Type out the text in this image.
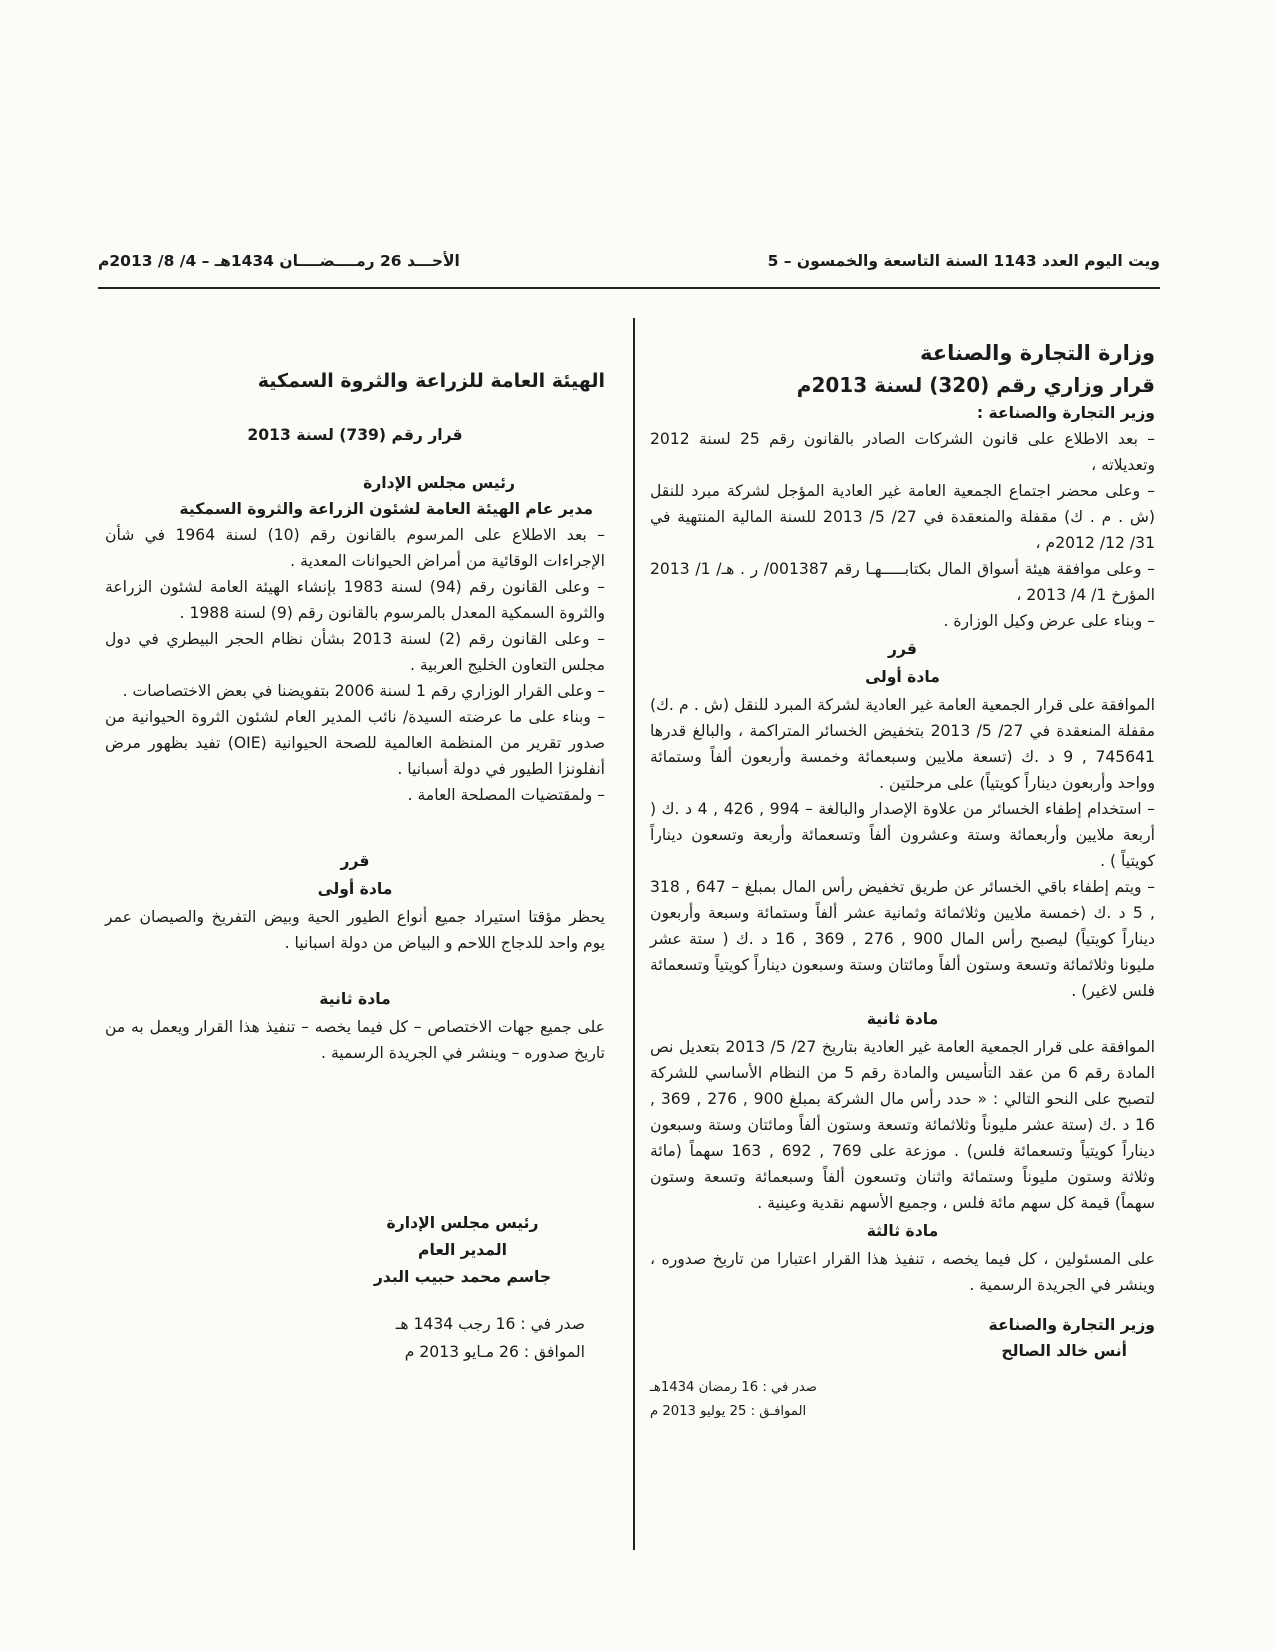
ويت اليوم العدد 1143 السنة التاسعة والخمسون – 5
الأحـــد 26 رمــــضــــان 1434هـ – 4/ 8/ 2013م

وزارة التجارة والصناعة

قرار وزاري رقم (320) لسنة 2013م

وزير التجارة والصناعة :

– بعد الاطلاع على قانون الشركات الصادر بالقانون رقم 25 لسنة 2012 وتعديلاته ،

– وعلى محضر اجتماع الجمعية العامة غير العادية المؤجل لشركة مبرد للنقل (ش . م . ك) مقفلة والمنعقدة في 27/ 5/ 2013 للسنة المالية المنتهية في 31/ 12/ 2012م ،

– وعلى موافقة هيئة أسواق المال بكتابـــــهـا رقم 001387/ ر . هـ/ 1/ 2013 المؤرخ 1/ 4/ 2013 ،

– وبناء على عرض وكيل الوزارة .

قرر

مادة أولى

الموافقة على قرار الجمعية العامة غير العادية لشركة المبرد للنقل (ش . م .ك) مقفلة المنعقدة في 27/ 5/ 2013 بتخفيض الخسائر المتراكمة ، والبالغ قدرها 745641 , 9 د .ك (تسعة ملايين وسبعمائة وخمسة وأربعون ألفاً وستمائة وواحد وأربعون ديناراً كويتياً) على مرحلتين .

– استخدام إطفاء الخسائر من علاوة الإصدار والبالغة – 994 , 426 , 4 د .ك ( أربعة ملايين وأربعمائة وستة وعشرون ألفاً وتسعمائة وأربعة وتسعون ديناراً كويتياً ) .

– ويتم إطفاء باقي الخسائر عن طريق تخفيض رأس المال بمبلغ – 647 , 318 , 5 د .ك (خمسة ملايين وثلاثمائة وثمانية عشر ألفاً وستمائة وسبعة وأربعون ديناراً كويتياً) ليصبح رأس المال 900 , 276 , 369 , 16 د .ك ( ستة عشر مليونا وثلاثمائة وتسعة وستون ألفاً ومائتان وستة وسبعون ديناراً كويتياً وتسعمائة فلس لاغير) .

مادة ثانية

الموافقة على قرار الجمعية العامة غير العادية بتاريخ 27/ 5/ 2013 بتعديل نص المادة رقم 6 من عقد التأسيس والمادة رقم 5 من النظام الأساسي للشركة لتصبح على النحو التالي : « حدد رأس مال الشركة بمبلغ 900 , 276 , 369 , 16 د .ك (ستة عشر مليوناً وثلاثمائة وتسعة وستون ألفاً ومائتان وستة وسبعون ديناراً كويتياً وتسعمائة فلس) . موزعة على 769 , 692 , 163 سهماً (مائة وثلاثة وستون مليوناً وستمائة واثنان وتسعون ألفاً وسبعمائة وتسعة وستون سهماً) قيمة كل سهم مائة فلس ، وجميع الأسهم نقدية وعينية .

مادة ثالثة

على المسئولين ، كل فيما يخصه ، تنفيذ هذا القرار اعتبارا من تاريخ صدوره ، وينشر في الجريدة الرسمية .

وزير التجارة والصناعة
أنس خالد الصالح
صدر في : 16 رمضان 1434هـ
الموافـق : 25 يوليو 2013 م

الهيئة العامة للزراعة والثروة السمكية

قرار رقم (739) لسنة 2013

رئيس مجلس الإدارة

مدير عام الهيئة العامة لشئون الزراعة والثروة السمكية

– بعد الاطلاع على المرسوم بالقانون رقم (10) لسنة 1964 في شأن الإجراءات الوقائية من أمراض الحيوانات المعدية .

– وعلى القانون رقم (94) لسنة 1983 بإنشاء الهيئة العامة لشئون الزراعة والثروة السمكية المعدل بالمرسوم بالقانون رقم (9) لسنة 1988 .

– وعلى القانون رقم (2) لسنة 2013 بشأن نظام الحجر البيطري في دول مجلس التعاون الخليج العربية .

– وعلى القرار الوزاري رقم 1 لسنة 2006 بتفويضنا في بعض الاختصاصات .

– وبناء على ما عرضته السيدة/ نائب المدير العام لشئون الثروة الحيوانية من صدور تقرير من المنظمة العالمية للصحة الحيوانية (OIE) تفيد بظهور مرض أنفلونزا الطيور في دولة أسبانيا .

– ولمقتضيات المصلحة العامة .

قرر

مادة أولى

يحظر مؤقتا استيراد جميع أنواع الطيور الحية وبيض التفريخ والصيصان عمر يوم واحد للدجاج اللاحم و البياض من دولة اسبانيا .

مادة ثانية

على جميع جهات الاختصاص – كل فيما يخصه – تنفيذ هذا القرار ويعمل به من تاريخ صدوره – وينشر في الجريدة الرسمية .

رئيس مجلس الإدارة
المدير العام
جاسم محمد حبيب البدر
صدر في : 16 رجب 1434 هـ
الموافق : 26 مـايو 2013 م
